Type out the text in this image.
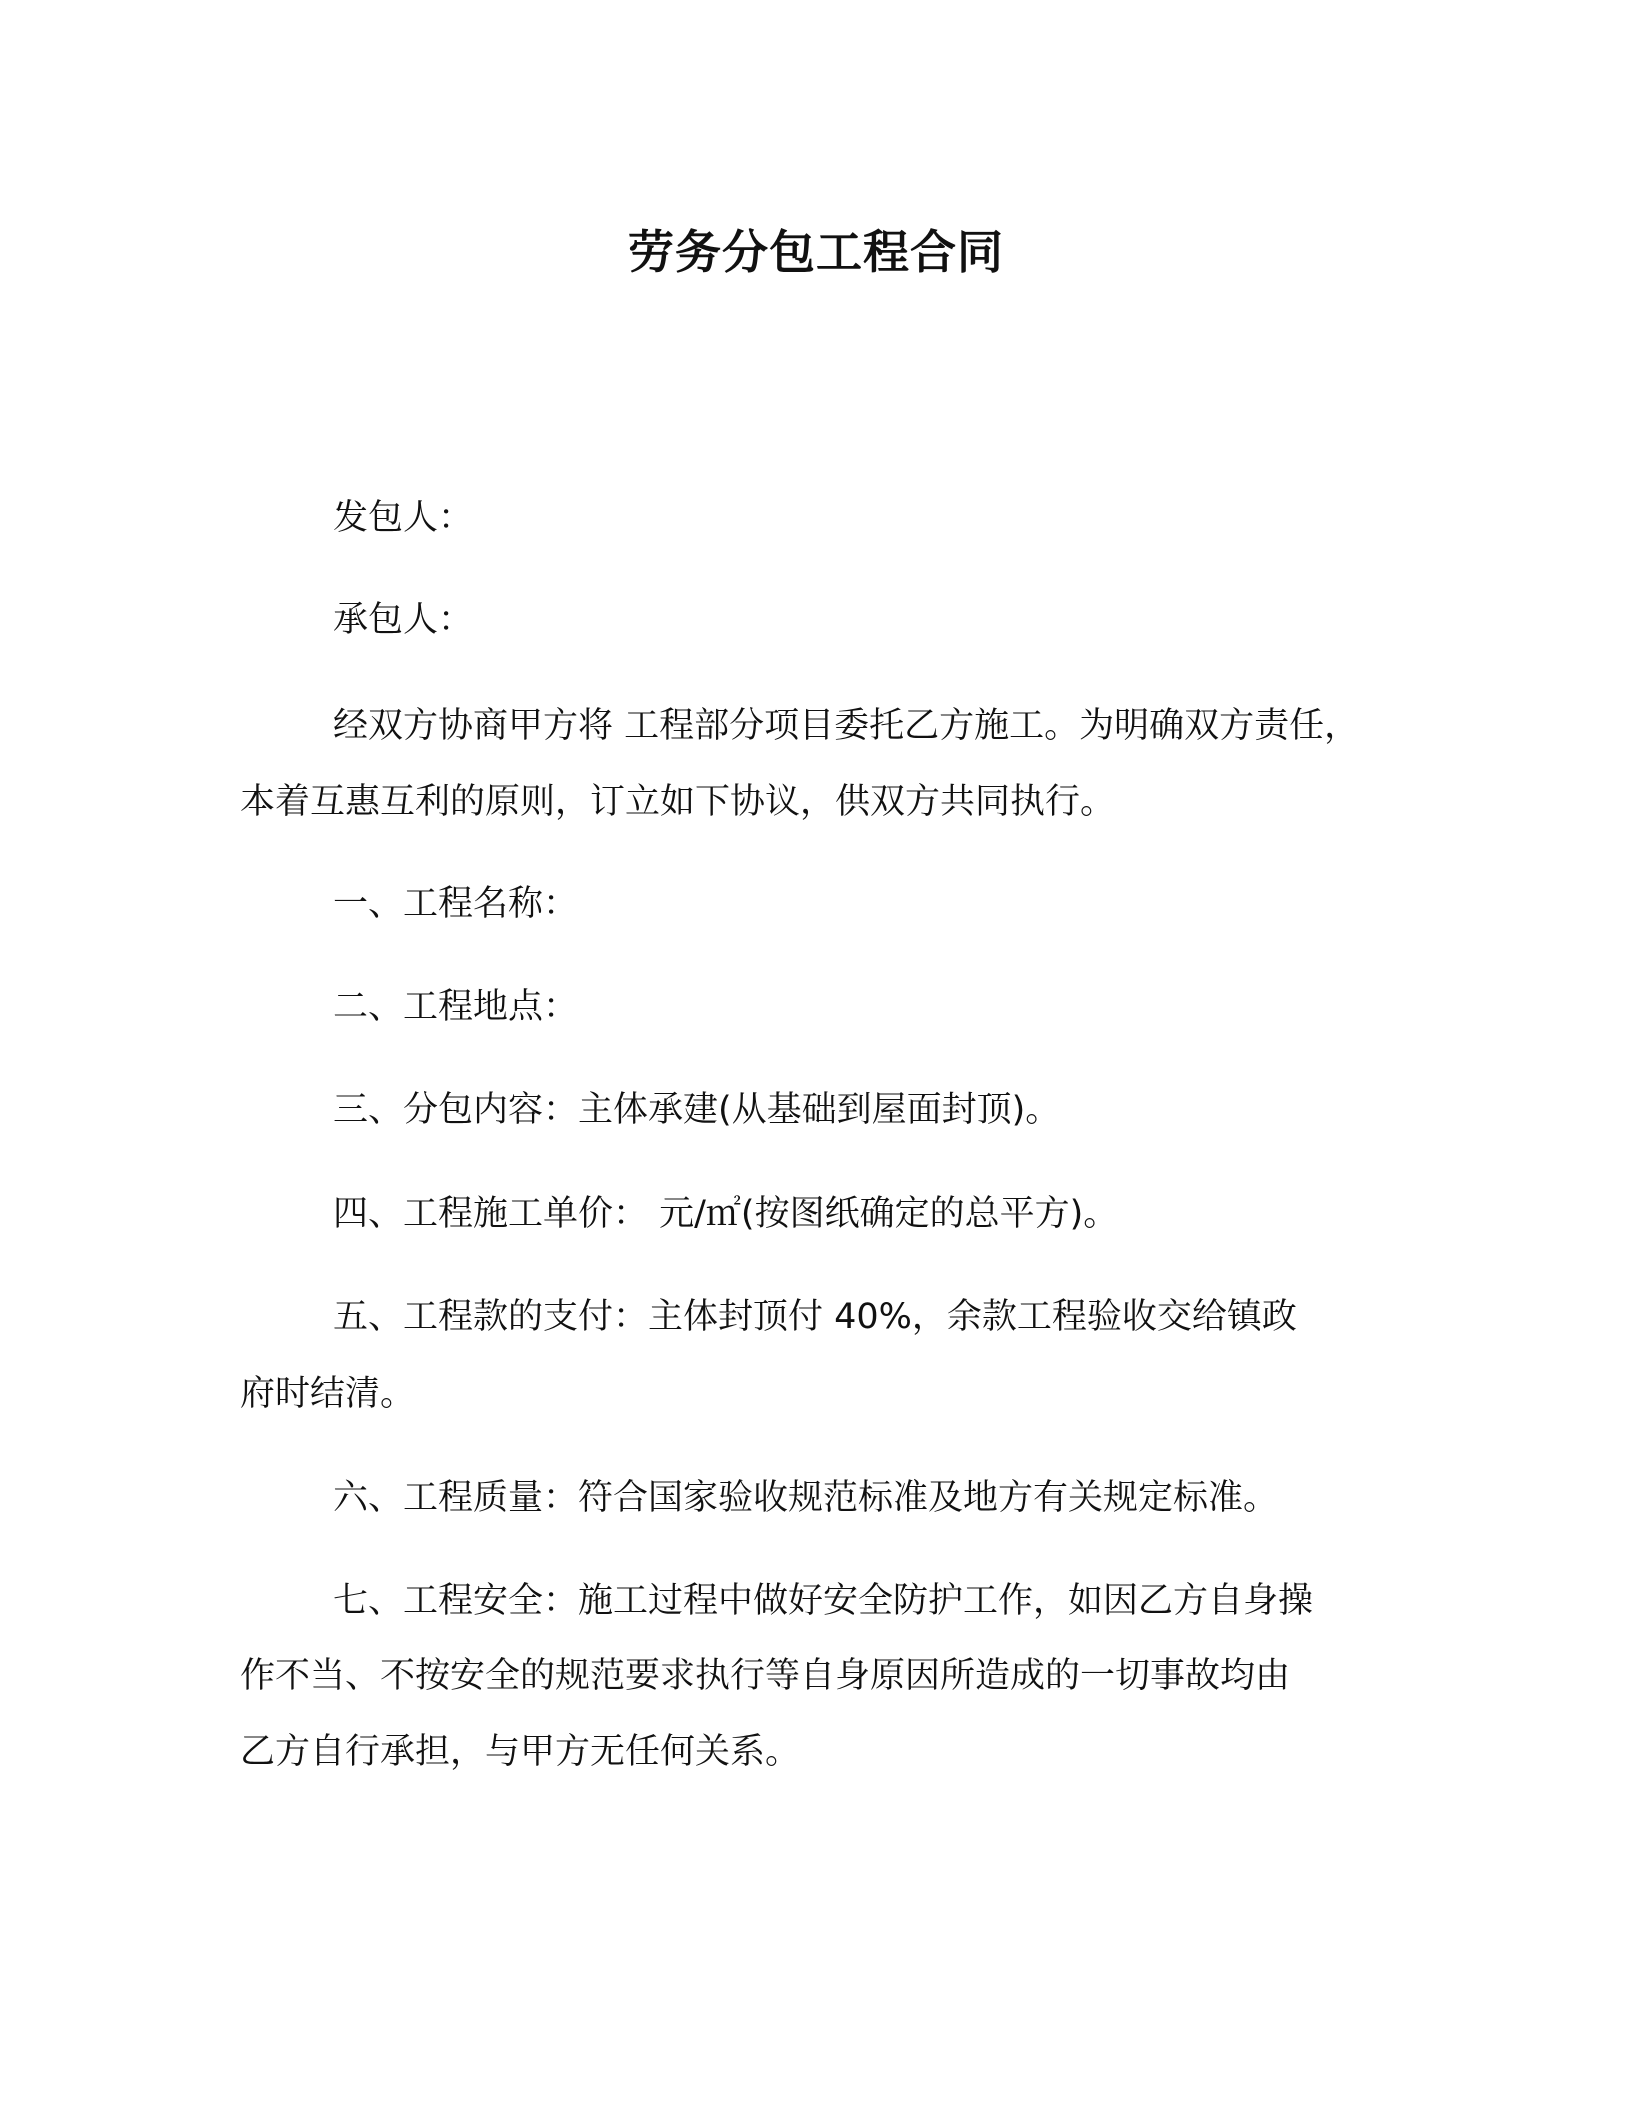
劳务分包工程合同
发包人：
承包人：
经双方协商甲方将 工程部分项目委托乙方施工。为明确双方责任，
本着互惠互利的原则，订立如下协议，供双方共同执行。
一、工程名称：
二、工程地点：
三、分包内容：主体承建(从基础到屋面封顶)。
四、工程施工单价： 元/㎡(按图纸确定的总平方)。
五、工程款的支付：主体封顶付 40%，余款工程验收交给镇政
府时结清。
六、工程质量：符合国家验收规范标准及地方有关规定标准。
七、工程安全：施工过程中做好安全防护工作，如因乙方自身操
作不当、不按安全的规范要求执行等自身原因所造成的一切事故均由
乙方自行承担，与甲方无任何关系。
